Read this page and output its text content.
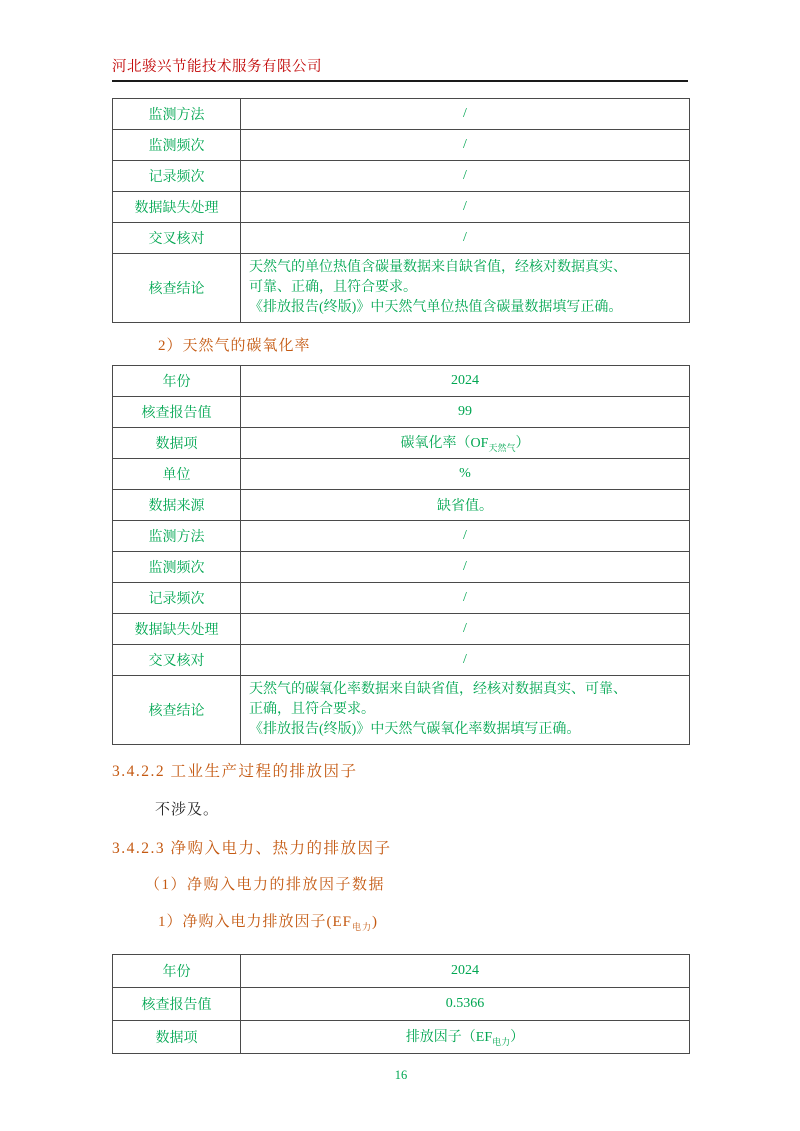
河北骏兴节能技术服务有限公司
监测方法	/
监测频次	/
记录频次	/
数据缺失处理	/
交叉核对	/
核查结论	天然气的单位热值含碳量数据来自缺省值，经核对数据真实、
可靠、正确，且符合要求。
《排放报告(终版)》中天然气单位热值含碳量数据填写正确。
2）天然气的碳氧化率
年份	2024
核查报告值	99
数据项	碳氧化率$(OF_{天然气})$
单位	%
数据来源	缺省值。
监测方法	/
监测频次	/
记录频次	/
数据缺失处理	/
交叉核对	/
核查结论	天然气的碳氧化率数据来自缺省值，经核对数据真实、可靠、
正确，且符合要求。
《排放报告(终版)》中天然气碳氧化率数据填写正确。
3.4.2.2 工业生产过程的排放因子
不涉及。
3.4.2.3 净购入电力、热力的排放因子
（1）净购入电力的排放因子数据
1）净购入电力排放因子$(EF_{电力})$
年份	2024
核查报告值	0.5366
数据项	排放因子$(EF_{电力})$
16
